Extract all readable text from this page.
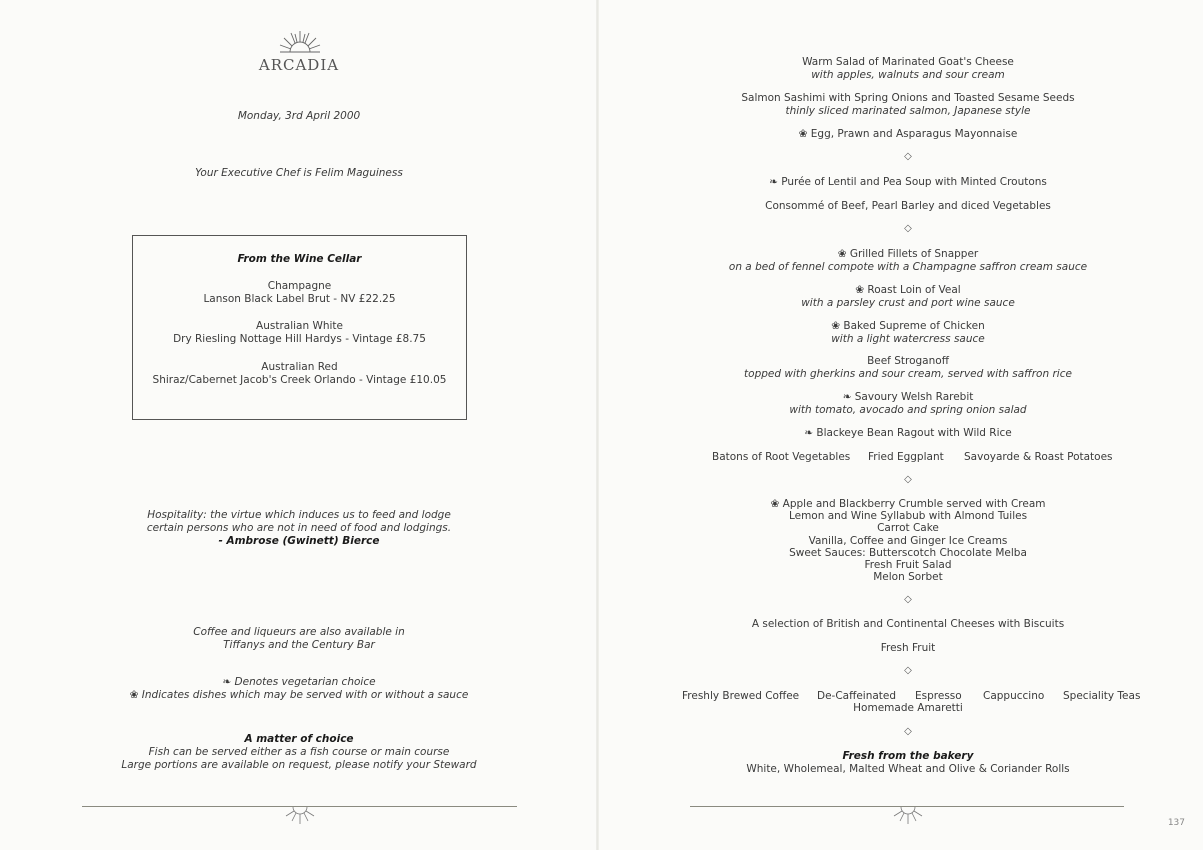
ARCADIA
Monday, 3rd April 2000
Your Executive Chef is Felim Maguiness
From the Wine Cellar
Champagne
Lanson Black Label Brut - NV £22.25
Australian White
Dry Riesling Nottage Hill Hardys - Vintage £8.75
Australian Red
Shiraz/Cabernet Jacob's Creek Orlando - Vintage £10.05
Hospitality: the virtue which induces us to feed and lodge
certain persons who are not in need of food and lodgings.
- Ambrose (Gwinett) Bierce
Coffee and liqueurs are also available in
Tiffanys and the Century Bar
❧ Denotes vegetarian choice
❀ Indicates dishes which may be served with or without a sauce
A matter of choice
Fish can be served either as a fish course or main course
Large portions are available on request, please notify your Steward
Warm Salad of Marinated Goat's Cheese
with apples, walnuts and sour cream
Salmon Sashimi with Spring Onions and Toasted Sesame Seeds
thinly sliced marinated salmon, Japanese style
❀ Egg, Prawn and Asparagus Mayonnaise
◇
❧ Purée of Lentil and Pea Soup with Minted Croutons
Consommé of Beef, Pearl Barley and diced Vegetables
◇
❀ Grilled Fillets of Snapper
on a bed of fennel compote with a Champagne saffron cream sauce
❀ Roast Loin of Veal
with a parsley crust and port wine sauce
❀ Baked Supreme of Chicken
with a light watercress sauce
Beef Stroganoff
topped with gherkins and sour cream, served with saffron rice
❧ Savoury Welsh Rarebit
with tomato, avocado and spring onion salad
❧ Blackeye Bean Ragout with Wild Rice
Batons of Root Vegetables Fried Eggplant Savoyarde & Roast Potatoes
◇
❀ Apple and Blackberry Crumble served with Cream
Lemon and Wine Syllabub with Almond Tuiles
Carrot Cake
Vanilla, Coffee and Ginger Ice Creams
Sweet Sauces: Butterscotch Chocolate Melba
Fresh Fruit Salad
Melon Sorbet
◇
A selection of British and Continental Cheeses with Biscuits
Fresh Fruit
◇
Freshly Brewed Coffee De-Caffeinated Espresso Cappuccino Speciality Teas
Homemade Amaretti
◇
Fresh from the bakery
White, Wholemeal, Malted Wheat and Olive & Coriander Rolls
137
